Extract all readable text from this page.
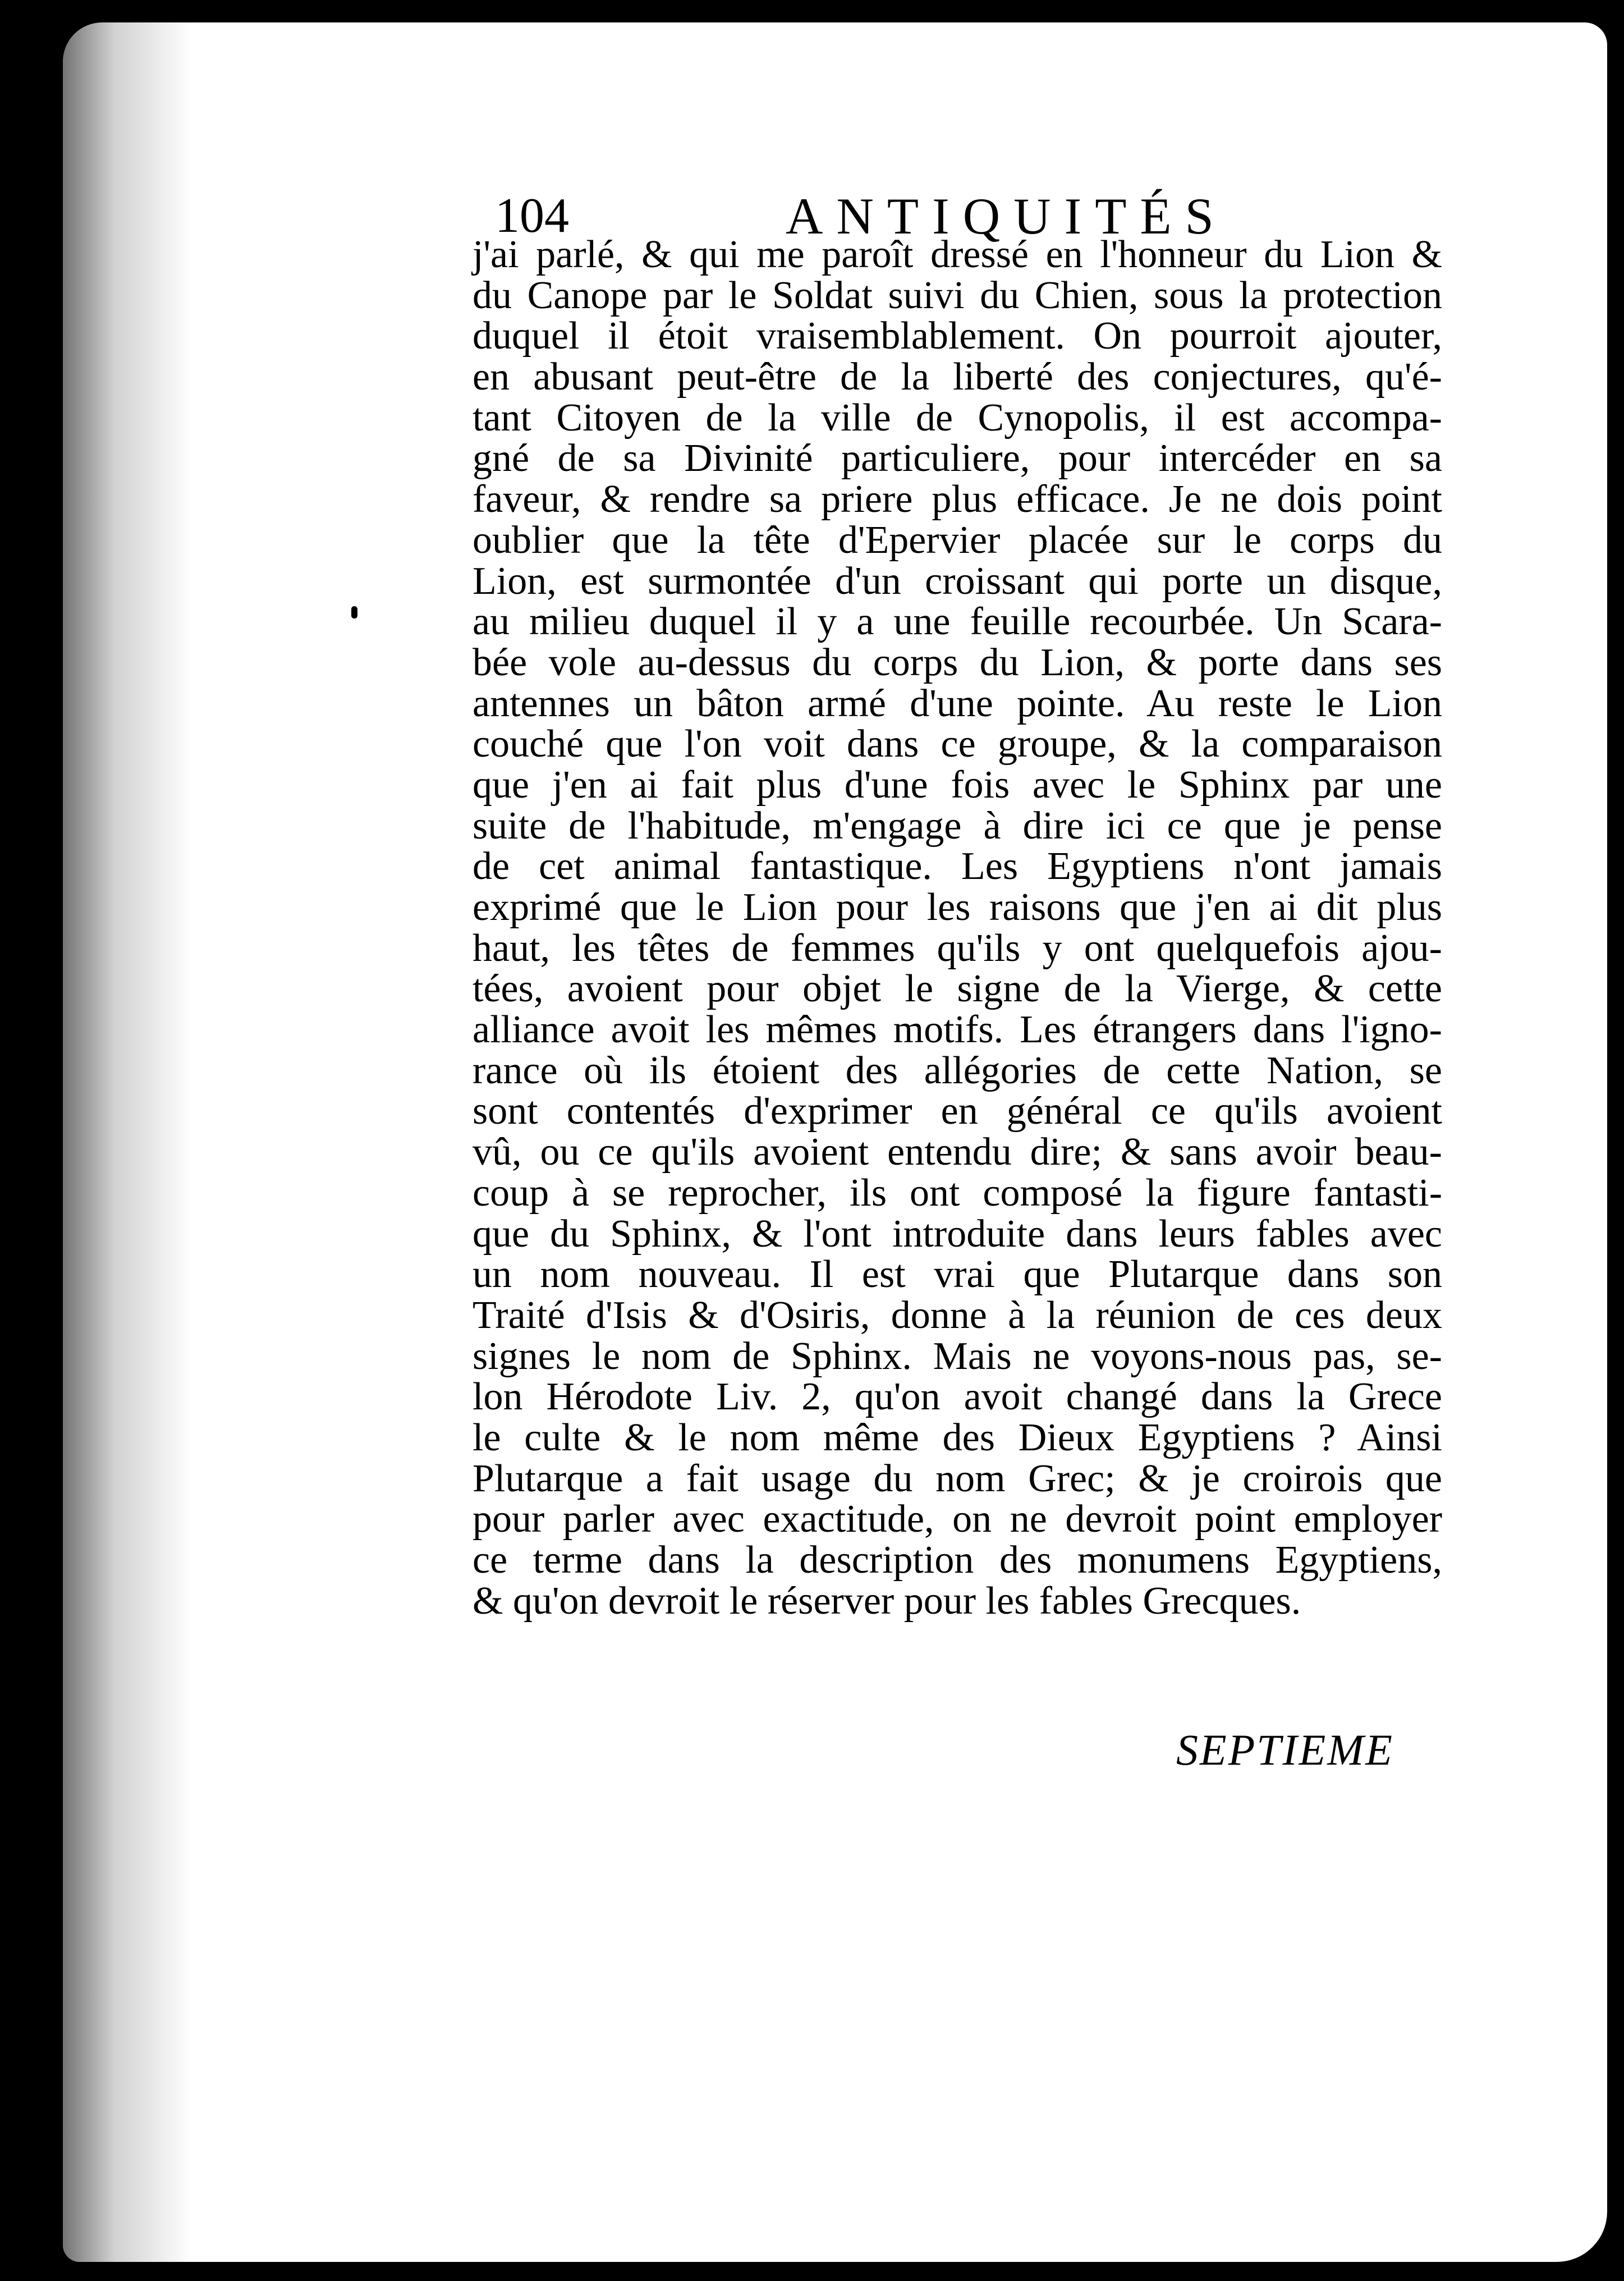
104	ANTIQUITÉS
j'ai parlé, & qui me paroît dressé en l'honneur du Lion &
du Canope par le Soldat suivi du Chien, sous la protection
duquel il étoit vraisemblablement. On pourroit ajouter,
en abusant peut-être de la liberté des conjectures, qu'é-
tant Citoyen de la ville de Cynopolis, il est accompa-
gné de sa Divinité particuliere, pour intercéder en sa
faveur, & rendre sa priere plus efficace. Je ne dois point
oublier que la tête d'Epervier placée sur le corps du
Lion, est surmontée d'un croissant qui porte un disque,
au milieu duquel il y a une feuille recourbée. Un Scara-
bée vole au-dessus du corps du Lion, & porte dans ses
antennes un bâton armé d'une pointe. Au reste le Lion
couché que l'on voit dans ce groupe, & la comparaison
que j'en ai fait plus d'une fois avec le Sphinx par une
suite de l'habitude, m'engage à dire ici ce que je pense
de cet animal fantastique. Les Egyptiens n'ont jamais
exprimé que le Lion pour les raisons que j'en ai dit plus
haut, les têtes de femmes qu'ils y ont quelquefois ajou-
tées, avoient pour objet le signe de la Vierge, & cette
alliance avoit les mêmes motifs. Les étrangers dans l'igno-
rance où ils étoient des allégories de cette Nation, se
sont contentés d'exprimer en général ce qu'ils avoient
vû, ou ce qu'ils avoient entendu dire; & sans avoir beau-
coup à se reprocher, ils ont composé la figure fantasti-
que du Sphinx, & l'ont introduite dans leurs fables avec
un nom nouveau. Il est vrai que Plutarque dans son
Traité d'Isis & d'Osiris, donne à la réunion de ces deux
signes le nom de Sphinx. Mais ne voyons-nous pas, se-
lon Hérodote Liv. 2, qu'on avoit changé dans la Grece
le culte & le nom même des Dieux Egyptiens ? Ainsi
Plutarque a fait usage du nom Grec; & je croirois que
pour parler avec exactitude, on ne devroit point employer
ce terme dans la description des monumens Egyptiens,
& qu'on devroit le réserver pour les fables Grecques.
SEPTIEME
